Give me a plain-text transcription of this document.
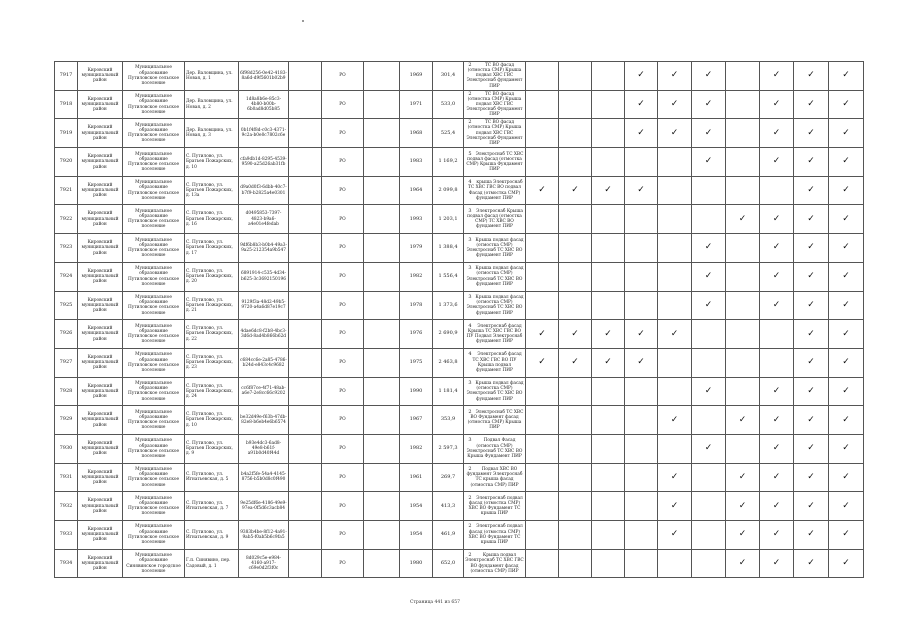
7917	Кировский муниципальный район	Муниципальное образование Путиловское сельское поселение	Дер. Валовщина, ул. Новая, д. 1	6f98d256-0e42-4183-8a6d-d9f5601b02b9		РО		1969	301,4	2 ТС ВО фасад (отмостка СМР) Крыша подвал ХВС ГВС Электроснаб фундамент ПИР				✓	✓	✓		✓	✓	✓
7918	Кировский муниципальный район	Муниципальное образование Путиловское сельское поселение	Дер. Валовщина, ул. Новая, д. 2	1d8a8b6e-85c3-4b80-b00b-6b0ad8d05b85		РО		1971	533,0	2 ТС ВО фасад (отмостка СМР) Крыша подвал ХВС ГВС Электроснаб Фундамент ПИР				✓	✓	✓		✓	✓	✓
7919	Кировский муниципальный район	Муниципальное образование Путиловское сельское поселение	Дер. Валовщина, ул. Новая, д. 3	0b1f4f8d-c0c3-4371-9c2a-b0e0c7802c6e		РО		1968	525,4	2 ТС ВО фасад (отмостка СМР) Крыша подвал ХВС ГВС Электроснаб Фундамент ПИР				✓	✓	✓		✓	✓	✓
7920	Кировский муниципальный район	Муниципальное образование Путиловское сельское поселение	С. Путилово, ул. Братьев Пожарских, д. 10	cfa9db1d-8295-4539-9590-a25d26ab31fb		РО		1983	1 169,2	5 Электроснаб ТС ХВС подвал фасад (отмостка СМР) Крыша Фундамент ПИР						✓		✓	✓	✓
7921	Кировский муниципальный район	Муниципальное образование Путиловское сельское поселение	С. Путилово, ул. Братьев Пожарских, д. 13а	d9a0d0f3-6dbb-40c7-b7f9-b2825a4e0301		РО		1964	2 099,8	4 крыша Электроснаб ТС ХВС ГВС ВО подвал Фасад (отмостка СМР) фундамент ПИР	✓	✓	✓	✓					✓	✓
7922	Кировский муниципальный район	Муниципальное образование Путиловское сельское поселение	С. Путилово, ул. Братьев Пожарских, д. 16	d0495853-7397-4823-b9a6-a4e01e4fedab		РО		1993	1 203,1	3 Электроснаб Крыша подвал фасад (отмостка СМР) ТС ХВС ВО фундамент ПИР							✓	✓	✓	✓
7923	Кировский муниципальный район	Муниципальное образование Путиловское сельское поселение	С. Путилово, ул. Братьев Пожарских, д. 17	9df6b8b3-b0b4-49a3-9a25-212354a9b547		РО		1979	1 388,4	3 Крыша подвал фасад (отмостка СМР) Электроснаб ТС ХВС ВО фундамент ПИР						✓		✓	✓	✓
7924	Кировский муниципальный район	Муниципальное образование Путиловское сельское поселение	С. Путилово, ул. Братьев Пожарских, д. 20	6891914-c535-4d34-b625-3c3692150196		РО		1982	1 556,4	3 Крыша подвал фасад (отмостка СМР) Электроснаб ТС ХВС ВО фундамент ПИР						✓		✓	✓	✓
7925	Кировский муниципальный район	Муниципальное образование Путиловское сельское поселение	С. Путилово, ул. Братьев Пожарских, д. 21	9129f3a-48d2-49b5-9720-a4a6d87e19c7		РО		1978	1 373,6	3 Крыша подвал фасад (отмостка СМР) Электроснаб ТС ХВС ВО фундамент ПИР						✓		✓	✓	✓
7926	Кировский муниципальный район	Муниципальное образование Путиловское сельское поселение	С. Путилово, ул. Братьев Пожарских, д. 22	4dae6dc8-f2b8-4bc3-3d6d-8ad4b866b62d		РО		1976	2 690,9	4 Электроснаб фасад Крыша ТС ХВС ГВС ВО ПУ Подвал Электроснаб фундамент ПИР	✓	✓	✓	✓	✓				✓	✓
7927	Кировский муниципальный район	Муниципальное образование Путиловское сельское поселение	С. Путилово, ул. Братьев Пожарских, д. 23	c684cc6e-2a85-4786-b24d-e843c4c9682		РО		1975	2 463,8	4 Электроснаб фасад ТС ХВС ГВС ВО ПУ Крыша подвал фундамент ПИР	✓	✓	✓	✓					✓	✓
7928	Кировский муниципальный район	Муниципальное образование Путиловское сельское поселение	С. Путилово, ул. Братьев Пожарских, д. 24	cc6f87ce-4f71-48ab-a6e7-2e8cc66c9202		РО		1990	1 181,4	3 Крыша подвал фасад (отмостка СМР) Электроснаб ТС ХВС ВО фундамент ПИР						✓		✓	✓	✓
7929	Кировский муниципальный район	Муниципальное образование Путиловское сельское поселение	С. Путилово, ул. Братьев Пожарских, д. 10	be32d49e-f63b-47db-82e8-b6eb4e6b6574		РО		1967	353,9	2 Электроснаб ТС ХВС ВО Фундамент фасад (отмостка СМР) Крыша ПИР					✓		✓	✓	✓	✓
7930	Кировский муниципальный район	Муниципальное образование Путиловское сельское поселение	С. Путилово, ул. Братьев Пожарских, д. 9	b93e4dc3-6ad8-49e8-b61f-a91b0d40f44d		РО		1982	2 597,3	3 Подвал Фасад (отмостка СМР) Электроснаб ТС ХВС ВО Крыша Фундамент ПИР						✓		✓	✓	✓
7931	Кировский муниципальный район	Муниципальное образование Путиловское сельское поселение	С. Путилово, ул. Игнатьевская, д. 5	b4a2f5fe-54a4-4145-8756-b5b0d8c0f490		РО		1961	269,7	2 Подвал ХВС ВО фундамент Электроснаб ТС крыша фасад (отмостка СМР) ПИР					✓		✓	✓	✓	✓
7932	Кировский муниципальный район	Муниципальное образование Путиловское сельское поселение	С. Путилово, ул. Игнатьевская, д. 7	9e25df6e-4186-49e9-97ea-0f5d6c3acb84		РО		1954	413,3	2 Электроснаб подвал фасад (отмостка СМР) ХВС ВО Фундамент ТС крыша ПИР					✓		✓	✓	✓	✓
7933	Кировский муниципальный район	Муниципальное образование Путиловское сельское поселение	С. Путилово, ул. Игнатьевская, д. 9	9383b4be-8f12-4a91-9ab5-f0ab5b6c9fa5		РО		1954	461,9	2 Электроснаб подвал фасад (отмостка СМР) ХВС ВО Фундамент ТС крыша ПИР					✓		✓	✓	✓	✓
7934	Кировский муниципальный район	Муниципальное образование Синявинское городское поселение	Г.п. Синявино, пер. Садовый, д. 1	8d029c5e-e984-4160-a917-c69e0d2f3f0c		РО		1980	652,0	2 Крыша подвал Электроснаб ТС ХВС ГВС ВО фундамент фасад (отмостка СМР) ПИР							✓	✓	✓	✓
Страница 441 из 657
